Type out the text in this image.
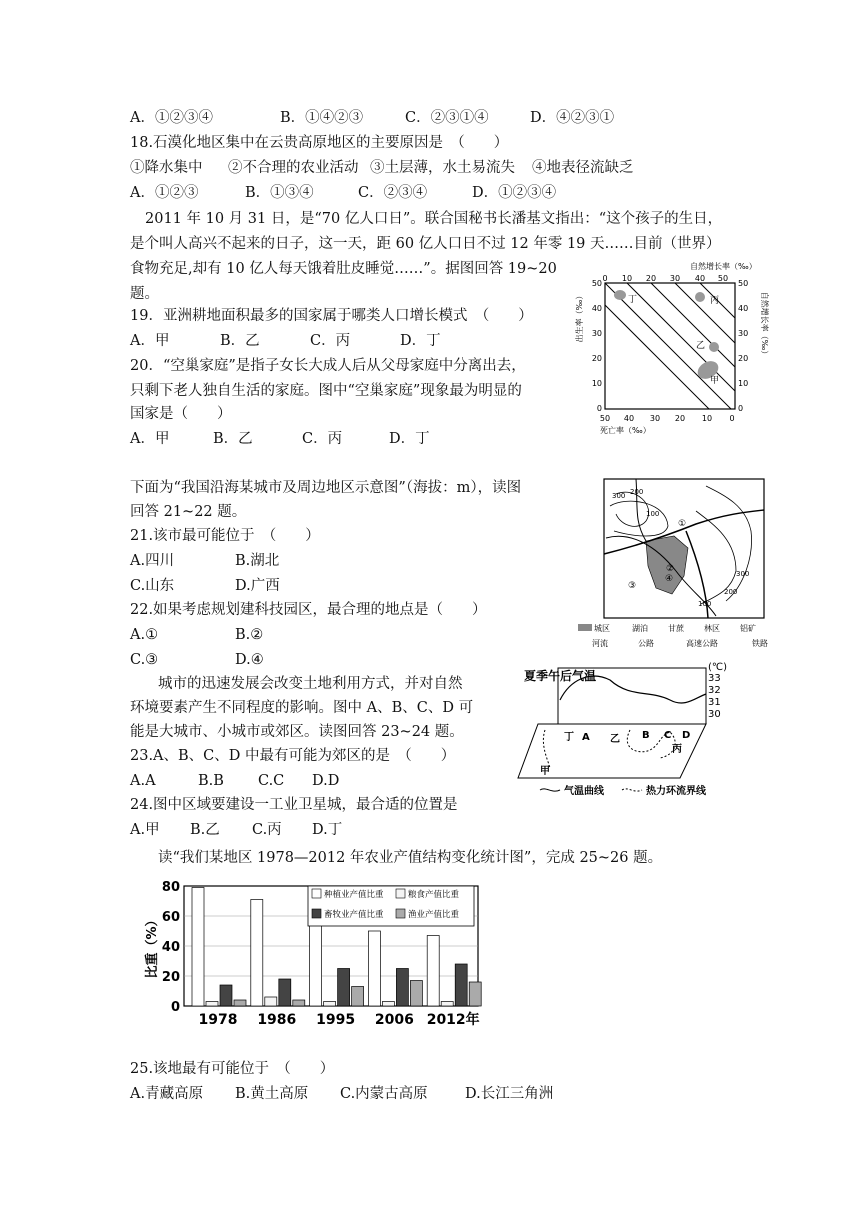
A．①②③④	B．①④②③	C．②③①④	D．④②③①
18.石漠化地区集中在云贵高原地区的主要原因是　（　　）
①降水集中 ②不合理的农业活动 ③土层薄，水土易流失 ④地表径流缺乏
A．①②③	B．①③④	C．②③④	D．①②③④
2011 年 10 月 31 日，是“70 亿人口日”。联合国秘书长潘基文指出：“这个孩子的生日，
是个叫人高兴不起来的日子，这一天，距 60 亿人口日不过 12 年零 19 天……目前（世界）
食物充足,却有 10 亿人每天饿着肚皮睡觉……”。据图回答 19~20
题。
19．亚洲耕地面积最多的国家属于哪类人口增长模式　（　　）
A．甲	B．乙	C．丙	D．丁
20．“空巢家庭”是指子女长大成人后从父母家庭中分离出去，
只剩下老人独自生活的家庭。图中“空巢家庭”现象最为明显的
国家是（　　）
A．甲	B．乙	C．丙	D．丁
自然增长率（‰）
0 10 20 30 40 50
50
40
30
20
10
0
50
40
30
20
10
0
50 40 30 20 10 0
死亡率（‰）
出生率（‰）	自然增长率（‰）
丁	丙
乙
甲
下面为“我国沿海某城市及周边地区示意图”（海拔：m），读图
回答 21~22 题。
21.该市最可能位于　（　　）
A.四川	B.湖北
C.山东	D.广西
22.如果考虑规划建科技园区，最合理的地点是（　　）
A.①	B.②
C.③	D.④
200
300
100
300
200
100
①
②
③
④
城区	湖泊	甘蔗	林区	铝矿
河流	公路	高速公路	铁路
城市的迅速发展会改变土地利用方式，并对自然
环境要素产生不同程度的影响。图中 A、B、C、D 可
能是大城市、小城市或郊区。读图回答 23~24 题。
23.A、B、C、D 中最有可能为郊区的是　（　　）
A.A	B.B C.C D.D
24.图中区域要建设一工业卫星城，最合适的位置是
A.甲 B.乙 C.丙 D.丁
夏季午后气温
(℃)
33
32
31
30
丁 A 乙 B C D
丙
甲
气温曲线	热力环流界线
读“我们某地区 1978—2012 年农业产值结构变化统计图”，完成 25~26 题。
0
20
40
60
80
比重（%）
1978 1986 1995 2006 2012年
种植业产值比重	粮食产值比重
畜牧业产值比重	渔业产值比重
25.该地最有可能位于　（　　）
A.青藏高原 B.黄土高原 C.内蒙古高原	D.长江三角洲
